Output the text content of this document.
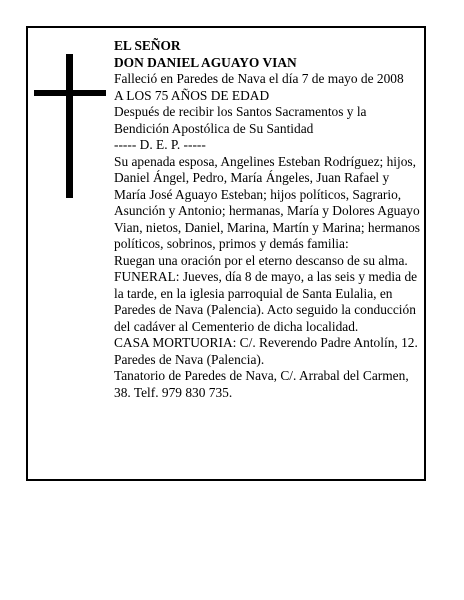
EL SEÑOR
DON DANIEL AGUAYO VIAN
Falleció en Paredes de Nava el día 7 de mayo de 2008
A LOS 75 AÑOS DE EDAD
Después de recibir los Santos Sacramentos y la Bendición Apostólica de Su Santidad
----- D. E. P. -----
Su apenada esposa, Angelines Esteban Rodríguez; hijos, Daniel Ángel, Pedro, María Ángeles, Juan Rafael y María José Aguayo Esteban; hijos políticos, Sagrario, Asunción y Antonio; hermanas, María y Dolores Aguayo Vian, nietos, Daniel, Marina, Martín y Marina; hermanos políticos, sobrinos, primos y demás familia:
Ruegan una oración por el eterno descanso de su alma.
FUNERAL: Jueves, día 8 de mayo, a las seis y media de la tarde, en la iglesia parroquial de Santa Eulalia, en Paredes de Nava (Palencia). Acto seguido la conducción del cadáver al Cementerio de dicha localidad.
CASA MORTUORIA: C/. Reverendo Padre Antolín, 12. Paredes de Nava (Palencia).
Tanatorio de Paredes de Nava, C/. Arrabal del Carmen, 38. Telf. 979 830 735.
